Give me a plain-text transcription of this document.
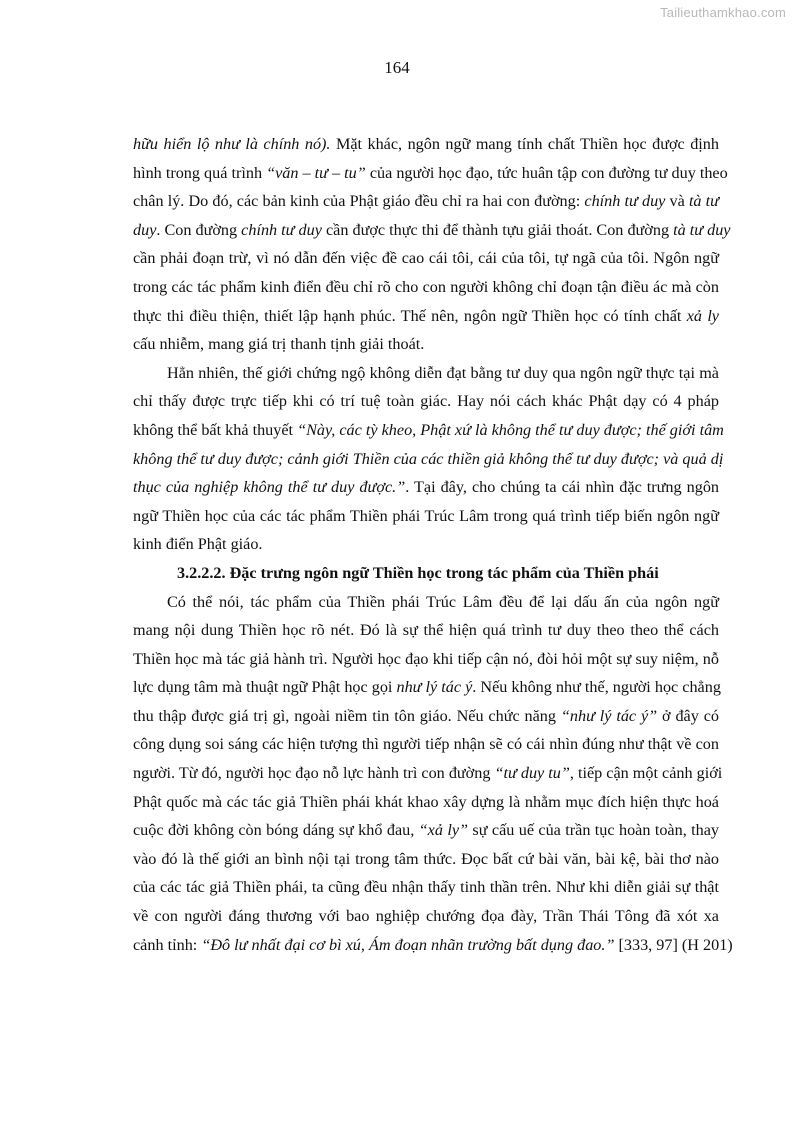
Tailieuthamkhao.com
164

hữu hiển lộ như là chính nó). Mặt khác, ngôn ngữ mang tính chất Thiền học được định
hình trong quá trình “văn – tư – tu” của người học đạo, tức huân tập con đường tư duy theo
chân lý. Do đó, các bản kinh của Phật giáo đều chỉ ra hai con đường: chính tư duy và tà tư
duy. Con đường chính tư duy cần được thực thi để thành tựu giải thoát. Con đường tà tư duy
cần phải đoạn trừ, vì nó dẫn đến việc đề cao cái tôi, cái của tôi, tự ngã của tôi. Ngôn ngữ
trong các tác phẩm kinh điển đều chỉ rõ cho con người không chỉ đoạn tận điều ác mà còn
thực thi điều thiện, thiết lập hạnh phúc. Thế nên, ngôn ngữ Thiền học có tính chất xả ly
cấu nhiễm, mang giá trị thanh tịnh giải thoát.

Hẳn nhiên, thế giới chứng ngộ không diễn đạt bằng tư duy qua ngôn ngữ thực tại mà
chỉ thấy được trực tiếp khi có trí tuệ toàn giác. Hay nói cách khác Phật dạy có 4 pháp
không thể bất khả thuyết “Này, các tỳ kheo, Phật xứ là không thể tư duy được; thế giới tâm
không thể tư duy được; cảnh giới Thiền của các thiền giả không thể tư duy được; và quả dị
thục của nghiệp không thể tư duy được.”. Tại đây, cho chúng ta cái nhìn đặc trưng ngôn
ngữ Thiền học của các tác phẩm Thiền phái Trúc Lâm trong quá trình tiếp biến ngôn ngữ
kinh điển Phật giáo.

3.2.2.2. Đặc trưng ngôn ngữ Thiền học trong tác phẩm của Thiền phái

Có thể nói, tác phẩm của Thiền phái Trúc Lâm đều để lại dấu ấn của ngôn ngữ
mang nội dung Thiền học rõ nét. Đó là sự thể hiện quá trình tư duy theo theo thể cách
Thiền học mà tác giả hành trì. Người học đạo khi tiếp cận nó, đòi hỏi một sự suy niệm, nỗ
lực dụng tâm mà thuật ngữ Phật học gọi như lý tác ý. Nếu không như thế, người học chẳng
thu thập được giá trị gì, ngoài niềm tin tôn giáo. Nếu chức năng “như lý tác ý” ở đây có
công dụng soi sáng các hiện tượng thì người tiếp nhận sẽ có cái nhìn đúng như thật về con
người. Từ đó, người học đạo nỗ lực hành trì con đường “tư duy tu”, tiếp cận một cảnh giới
Phật quốc mà các tác giả Thiền phái khát khao xây dựng là nhằm mục đích hiện thực hoá
cuộc đời không còn bóng dáng sự khổ đau, “xả ly” sự cấu uế của trần tục hoàn toàn, thay
vào đó là thế giới an bình nội tại trong tâm thức. Đọc bất cứ bài văn, bài kệ, bài thơ nào
của các tác giả Thiền phái, ta cũng đều nhận thấy tinh thần trên. Như khi diễn giải sự thật
về con người đáng thương với bao nghiệp chướng đọa đày, Trần Thái Tông đã xót xa
cảnh tỉnh: “Đô lư nhất đại cơ bì xú, Ám đoạn nhãn trường bất dụng đao.” [333, 97] (H 201)
